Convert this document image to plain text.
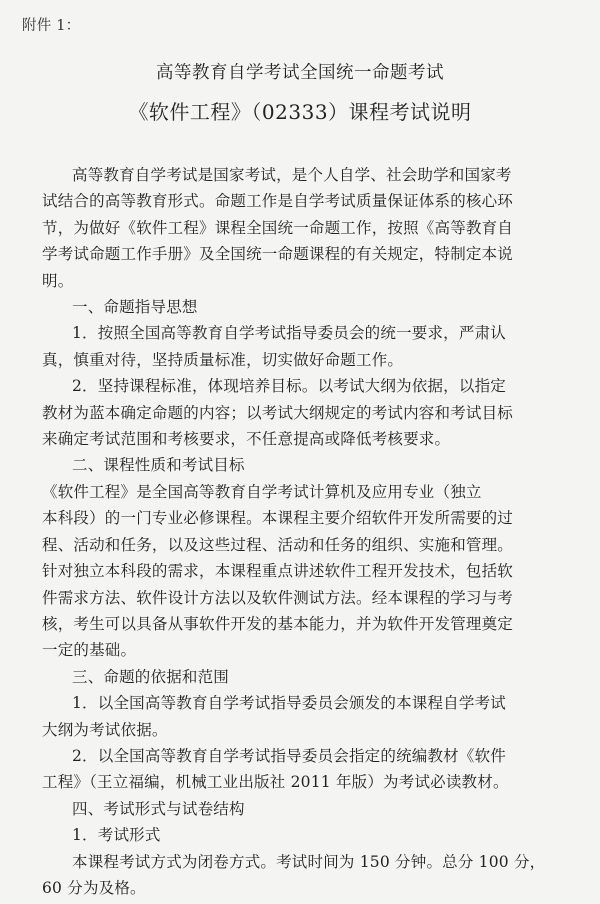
附件 1：
高等教育自学考试全国统一命题考试
《软件工程》（02333）课程考试说明
高等教育自学考试是国家考试，是个人自学、社会助学和国家考
试结合的高等教育形式。命题工作是自学考试质量保证体系的核心环
节，为做好《软件工程》课程全国统一命题工作，按照《高等教育自
学考试命题工作手册》及全国统一命题课程的有关规定，特制定本说
明。
一、命题指导思想
1．按照全国高等教育自学考试指导委员会的统一要求，严肃认
真，慎重对待，坚持质量标准，切实做好命题工作。
2．坚持课程标准，体现培养目标。以考试大纲为依据，以指定
教材为蓝本确定命题的内容；以考试大纲规定的考试内容和考试目标
来确定考试范围和考核要求，不任意提高或降低考核要求。
二、课程性质和考试目标
《软件工程》是全国高等教育自学考试计算机及应用专业（独立
本科段）的一门专业必修课程。本课程主要介绍软件开发所需要的过
程、活动和任务，以及这些过程、活动和任务的组织、实施和管理。
针对独立本科段的需求，本课程重点讲述软件工程开发技术，包括软
件需求方法、软件设计方法以及软件测试方法。经本课程的学习与考
核，考生可以具备从事软件开发的基本能力，并为软件开发管理奠定
一定的基础。
三、命题的依据和范围
1．以全国高等教育自学考试指导委员会颁发的本课程自学考试
大纲为考试依据。
2．以全国高等教育自学考试指导委员会指定的统编教材《软件
工程》（王立福编，机械工业出版社 2011 年版）为考试必读教材。
四、考试形式与试卷结构
1．考试形式
本课程考试方式为闭卷方式。考试时间为 150 分钟。总分 100 分，
60 分为及格。
